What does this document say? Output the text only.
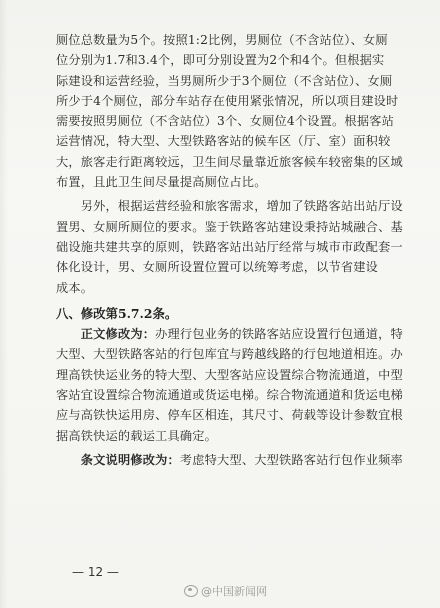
厕位总数量为5个。按照1:2比例，男厕位（不含站位）、女厕
位分别为1.7和3.4个，即可分别设置为2个和4个。但根据实
际建设和运营经验，当男厕所少于3个厕位（不含站位）、女厕
所少于4个厕位，部分车站存在使用紧张情况，所以项目建设时
需要按照男厕位（不含站位）3个、女厕位4个设置。根据客站
运营情况，特大型、大型铁路客站的候车区（厅、室）面积较
大，旅客走行距离较远，卫生间尽量靠近旅客候车较密集的区域
布置，且此卫生间尽量提高厕位占比。

　　另外，根据运营经验和旅客需求，增加了铁路客站出站厅设
置男、女厕所厕位的要求。鉴于铁路客站建设秉持站城融合、基
础设施共建共享的原则，铁路客站出站厅经常与城市市政配套一
体化设计，男、女厕所设置位置可以统筹考虑，以节省建设
成本。

八、修改第5.7.2条。

　　正文修改为：办理行包业务的铁路客站应设置行包通道，特
大型、大型铁路客站的行包库宜与跨越线路的行包地道相连。办
理高铁快运业务的特大型、大型客站应设置综合物流通道，中型
客站宜设置综合物流通道或货运电梯。综合物流通道和货运电梯
应与高铁快运用房、停车区相连，其尺寸、荷载等设计参数宜根
据高铁快运的载运工具确定。

　　条文说明修改为：考虑特大型、大型铁路客站行包作业频率

— 12 —
@中国新闻网
